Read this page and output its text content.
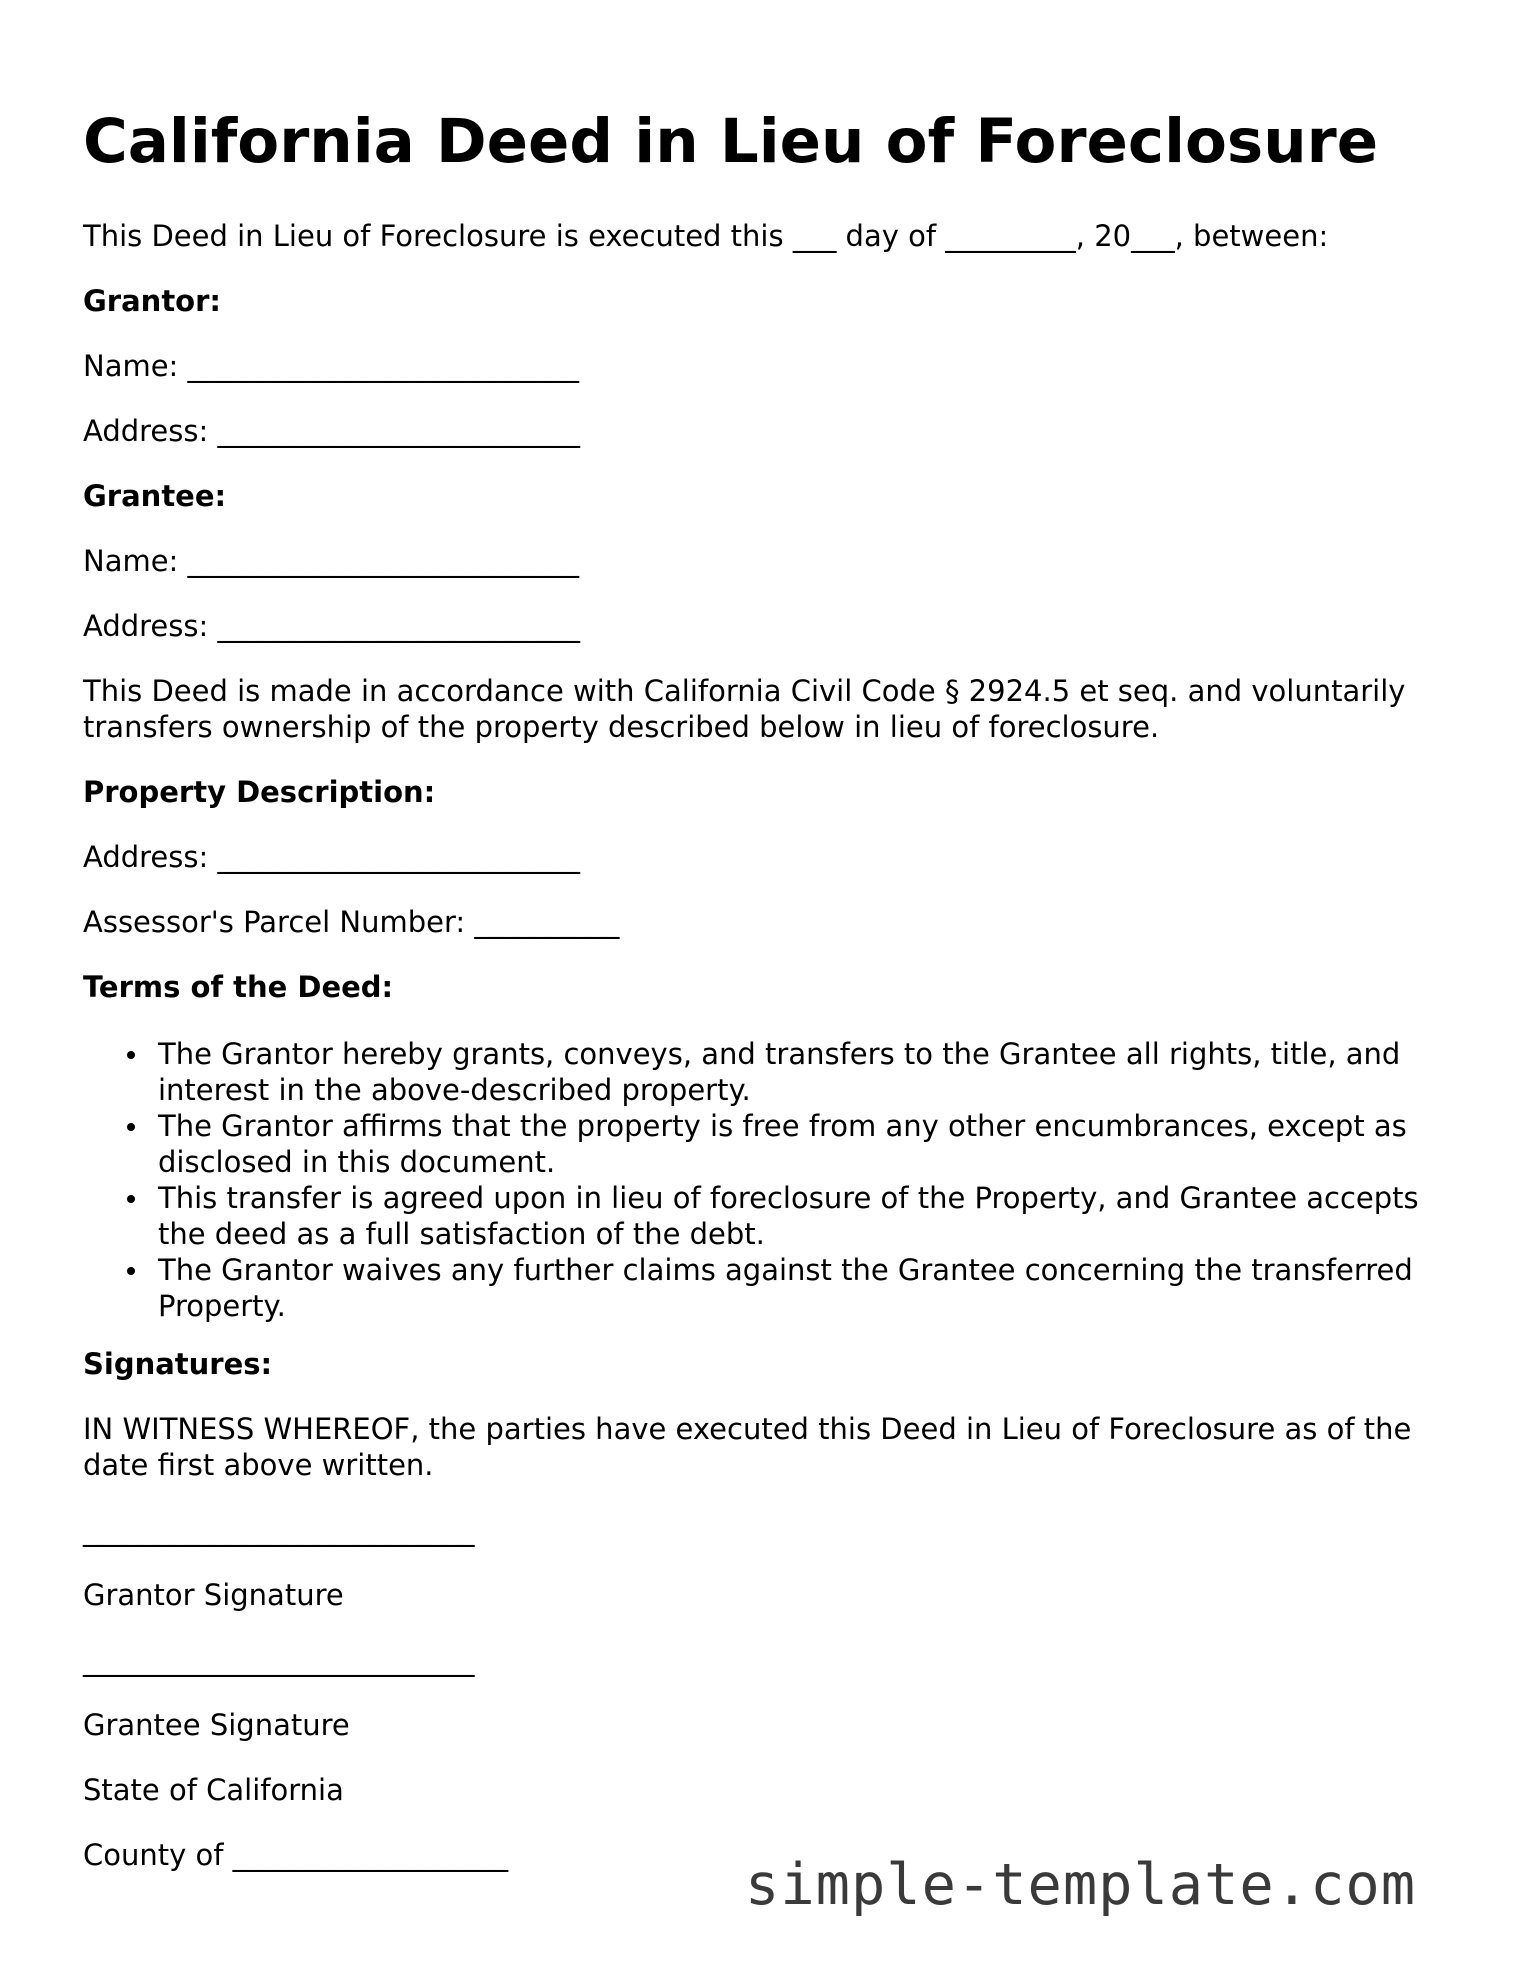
California Deed in Lieu of Foreclosure

This Deed in Lieu of Foreclosure is executed this ___ day of _________, 20___, between:

Grantor:

Name: ___________________________

Address: _________________________

Grantee:

Name: ___________________________

Address: _________________________

This Deed is made in accordance with California Civil Code § 2924.5 et seq. and voluntarily transfers ownership of the property described below in lieu of foreclosure.

Property Description:

Address: _________________________

Assessor's Parcel Number: __________

Terms of the Deed:

The Grantor hereby grants, conveys, and transfers to the Grantee all rights, title, and interest in the above-described property.
The Grantor affirms that the property is free from any other encumbrances, except as disclosed in this document.
This transfer is agreed upon in lieu of foreclosure of the Property, and Grantee accepts the deed as a full satisfaction of the debt.
The Grantor waives any further claims against the Grantee concerning the transferred Property.

Signatures:

IN WITNESS WHEREOF, the parties have executed this Deed in Lieu of Foreclosure as of the date first above written.

___________________________

Grantor Signature

___________________________

Grantee Signature

State of California

County of ___________________	simple-template.com
